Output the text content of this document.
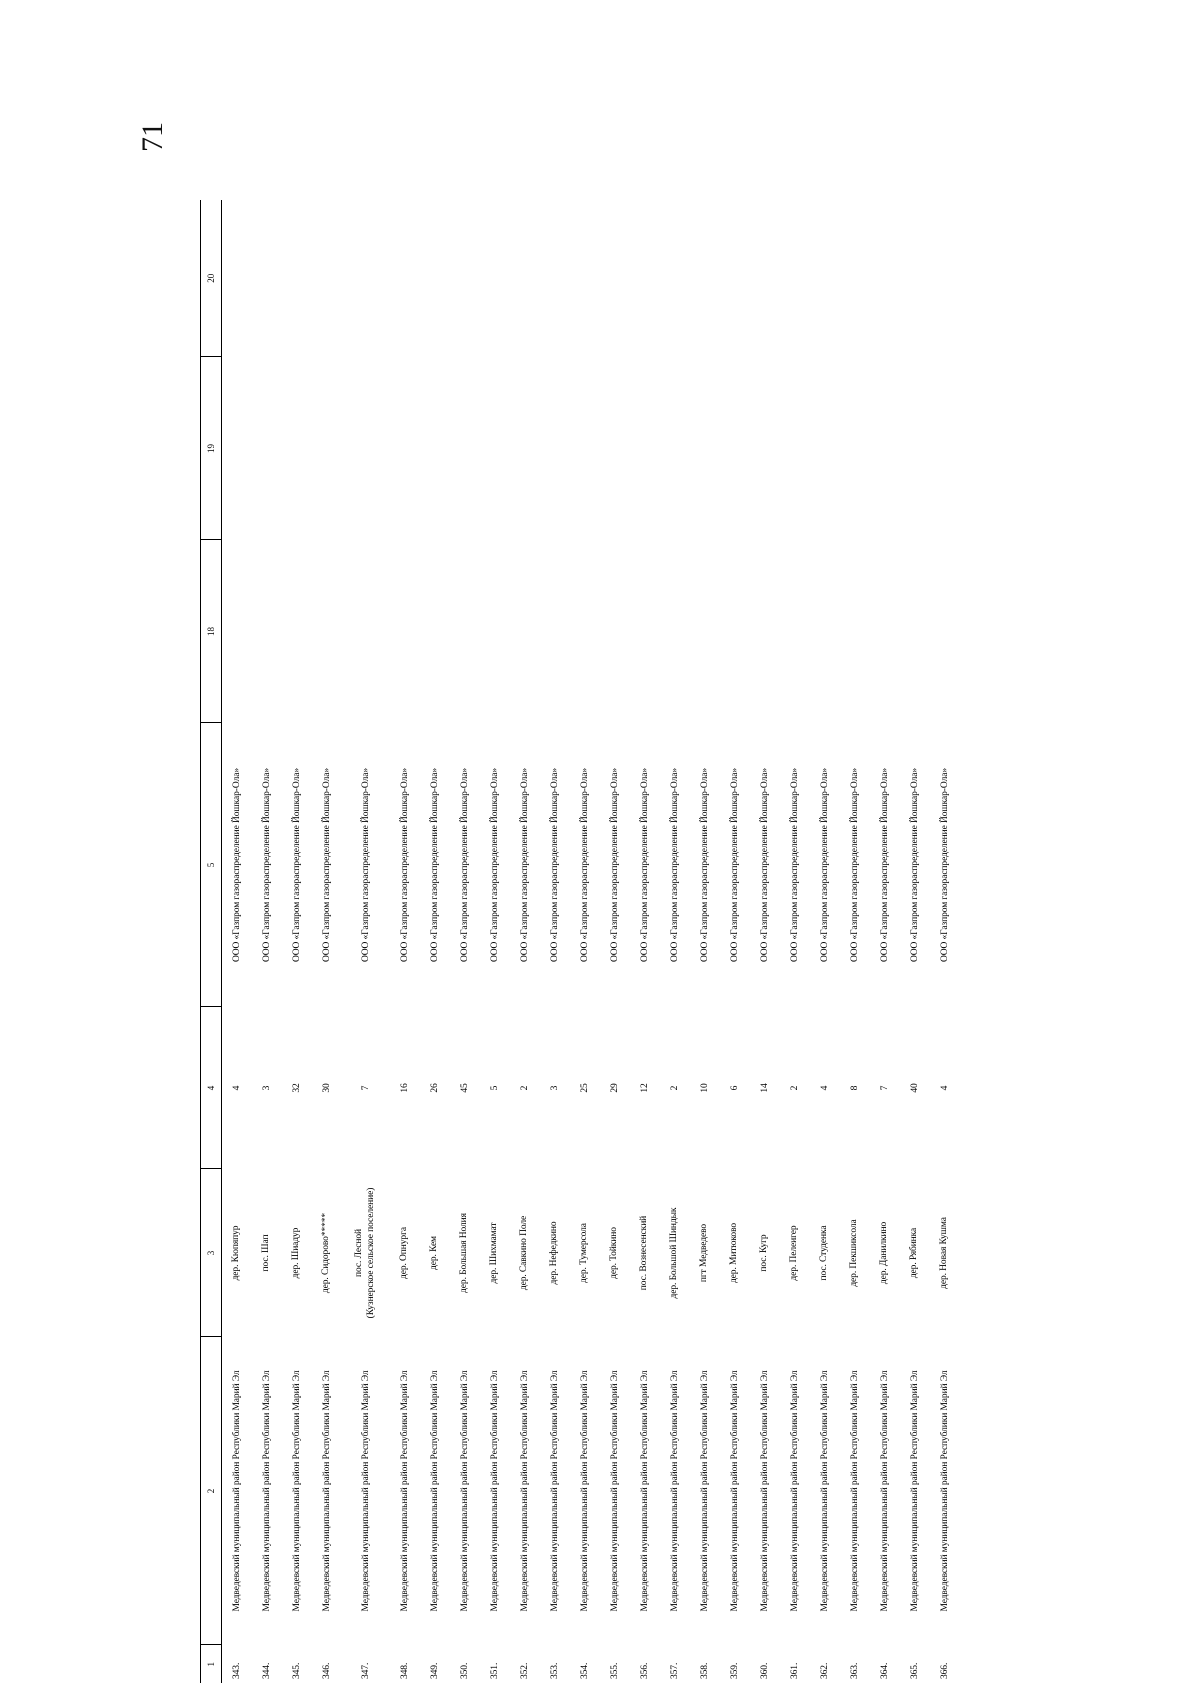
71
1	2	3	4	5	18	19	20
343.	Медведевский муниципальный район Республики Марий Эл	дер. Кюпяпур	4	ООО «Газпром газораспределение Йошкар-Ола»			
344.	Медведевский муниципальный район Республики Марий Эл	пос. Шап	3	ООО «Газпром газораспределение Йошкар-Ола»			
345.	Медведевский муниципальный район Республики Марий Эл	дер. Шиадур	32	ООО «Газпром газораспределение Йошкар-Ола»			
346.	Медведевский муниципальный район Республики Марий Эл	дер. Сидорово*****	30	ООО «Газпром газораспределение Йошкар-Ола»			
347.	Медведевский муниципальный район Республики Марий Эл	пос. Лесной (Кузнерское сельское поселение)	7	ООО «Газпром газораспределение Йошкар-Ола»			
348.	Медведевский муниципальный район Республики Марий Эл	дер. Опнурга	16	ООО «Газпром газораспределение Йошкар-Ола»			
349.	Медведевский муниципальный район Республики Марий Эл	дер. Кем	26	ООО «Газпром газораспределение Йошкар-Ола»			
350.	Медведевский муниципальный район Республики Марий Эл	дер. Большая Нолия	45	ООО «Газпром газораспределение Йошкар-Ола»			
351.	Медведевский муниципальный район Республики Марий Эл	дер. Шихмамат	5	ООО «Газпром газораспределение Йошкар-Ола»			
352.	Медведевский муниципальный район Республики Марий Эл	дер. Савкино Поле	2	ООО «Газпром газораспределение Йошкар-Ола»			
353.	Медведевский муниципальный район Республики Марий Эл	дер. Нефедкино	3	ООО «Газпром газораспределение Йошкар-Ола»			
354.	Медведевский муниципальный район Республики Марий Эл	дер. Тумерсола	25	ООО «Газпром газораспределение Йошкар-Ола»			
355.	Медведевский муниципальный район Республики Марий Эл	дер. Тойкино	29	ООО «Газпром газораспределение Йошкар-Ола»			
356.	Медведевский муниципальный район Республики Марий Эл	пос. Вознесенский	12	ООО «Газпром газораспределение Йошкар-Ола»			
357.	Медведевский муниципальный район Республики Марий Эл	дер. Большой Шиндык	2	ООО «Газпром газораспределение Йошкар-Ола»			
358.	Медведевский муниципальный район Республики Марий Эл	пгт Медведево	10	ООО «Газпром газораспределение Йошкар-Ола»			
359.	Медведевский муниципальный район Республики Марий Эл	дер. Митюково	6	ООО «Газпром газораспределение Йошкар-Ола»			
360.	Медведевский муниципальный район Республики Марий Эл	пос. Кугр	14	ООО «Газпром газораспределение Йошкар-Ола»			
361.	Медведевский муниципальный район Республики Марий Эл	дер. Пелеигер	2	ООО «Газпром газораспределение Йошкар-Ола»			
362.	Медведевский муниципальный район Республики Марий Эл	пос. Студенка	4	ООО «Газпром газораспределение Йошкар-Ола»			
363.	Медведевский муниципальный район Республики Марий Эл	дер. Пекшиксола	8	ООО «Газпром газораспределение Йошкар-Ола»			
364.	Медведевский муниципальный район Республики Марий Эл	дер. Данилкино	7	ООО «Газпром газораспределение Йошкар-Ола»			
365.	Медведевский муниципальный район Республики Марий Эл	дер. Рябинка	40	ООО «Газпром газораспределение Йошкар-Ола»			
366.	Медведевский муниципальный район Республики Марий Эл	дер. Новая Кушма	4	ООО «Газпром газораспределение Йошкар-Ола»			
